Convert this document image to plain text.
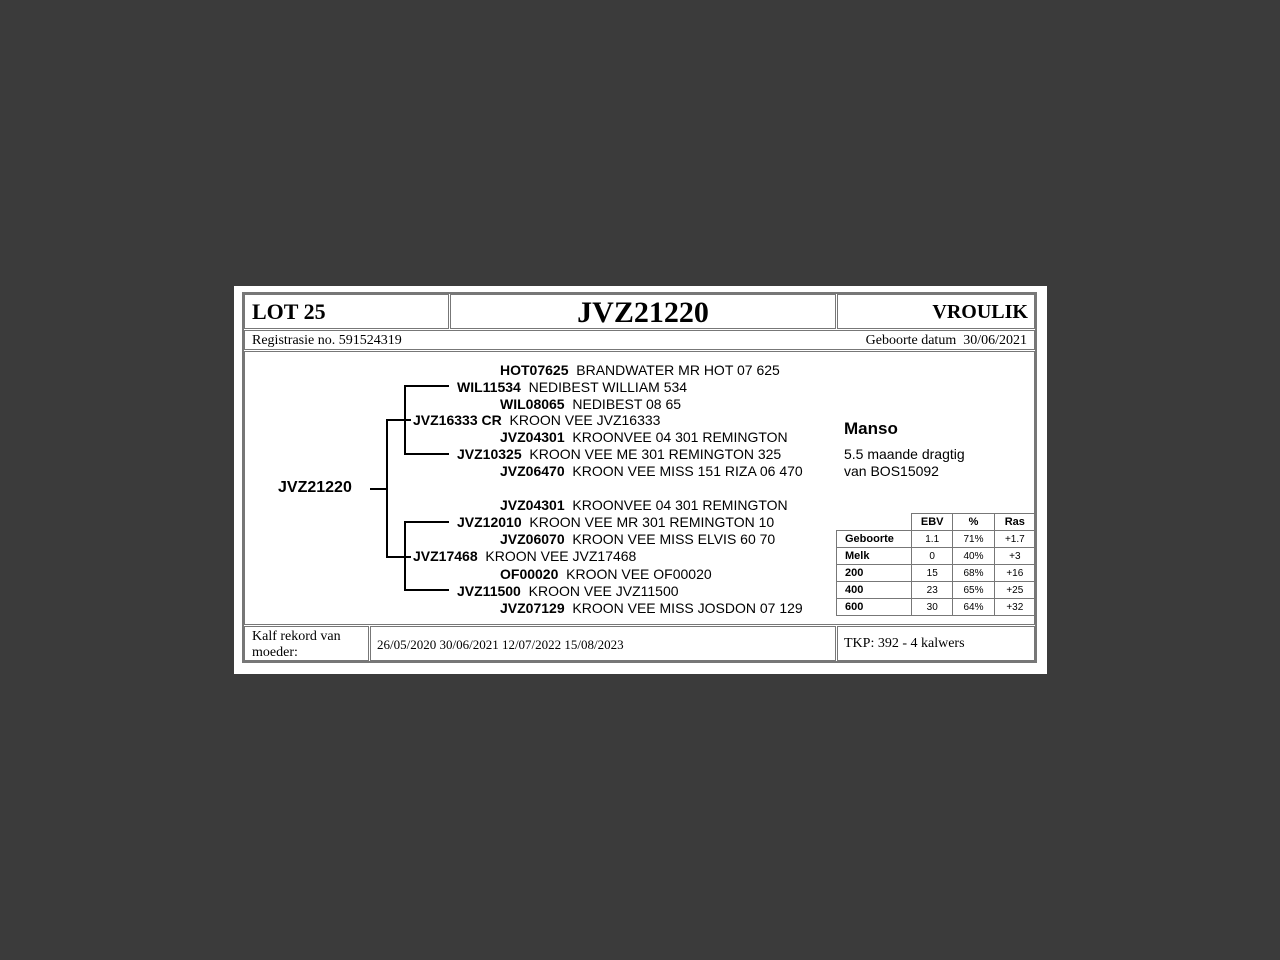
LOT 25	JVZ21220	VROULIK
Registrasie no. 591524319	Geboorte datum 30/06/2021
JVZ21220
HOT07625 BRANDWATER MR HOT 07 625
WIL11534 NEDIBEST WILLIAM 534
WIL08065 NEDIBEST 08 65
JVZ16333 CR KROON VEE JVZ16333
JVZ04301 KROONVEE 04 301 REMINGTON
JVZ10325 KROON VEE ME 301 REMINGTON 325
JVZ06470 KROON VEE MISS 151 RIZA 06 470
JVZ04301 KROONVEE 04 301 REMINGTON
JVZ12010 KROON VEE MR 301 REMINGTON 10
JVZ06070 KROON VEE MISS ELVIS 60 70
JVZ17468 KROON VEE JVZ17468
OF00020 KROON VEE OF00020
JVZ11500 KROON VEE JVZ11500
JVZ07129 KROON VEE MISS JOSDON 07 129
Manso
5.5 maande dragtig
van BOS15092
	EBV	%	Ras
Geboorte	1.1	71%	+1.7
Melk	0	40%	+3
200	15	68%	+16
400	23	65%	+25
600	30	64%	+32
Kalf rekord van
moeder:
26/05/2020 30/06/2021 12/07/2022 15/08/2023	TKP: 392 - 4 kalwers
